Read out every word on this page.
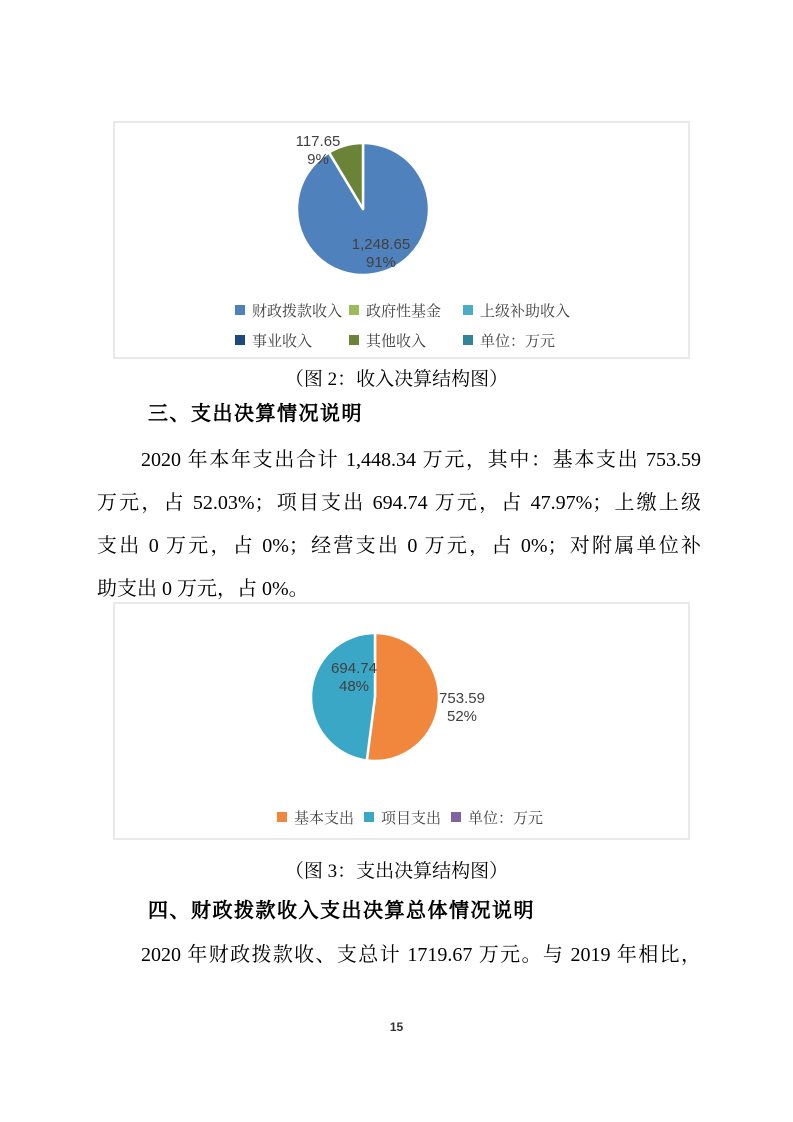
117.65
9%
1,248.65
91%
财政拨款收入 政府性基金	上级补助收入
事业收入	其他收入	单位：万元
（图 2：收入决算结构图）
三、支出决算情况说明
2020 年本年支出合计 1,448.34 万元，其中：基本支出 753.59
万元，占 52.03%；项目支出 694.74 万元，占 47.97%；上缴上级
支出 0 万元，占 0%；经营支出 0 万元，占 0%；对附属单位补
助支出 0 万元，占 0%。
694.74
48%
753.59
52%
基本支出 项目支出 单位：万元
（图 3：支出决算结构图）
四、财政拨款收入支出决算总体情况说明
2020 年财政拨款收、支总计 1719.67 万元。与 2019 年相比，
15
